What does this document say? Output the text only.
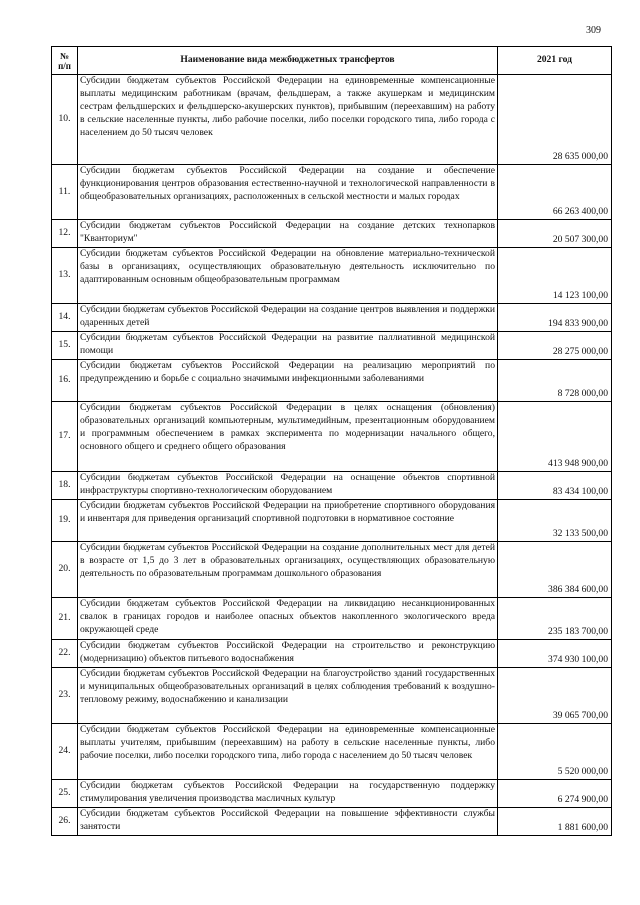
309
№
п/п	Наименование вида межбюджетных трансфертов	2021 год
10.	Субсидии бюджетам субъектов Российской Федерации на единовременные компенсационные выплаты медицинским работникам (врачам, фельдшерам, а также акушеркам и медицинским сестрам фельдшерских и фельдшерско-акушерских пунктов), прибывшим (переехавшим) на работу в сельские населенные пункты, либо рабочие поселки, либо поселки городского типа, либо города с населением до 50 тысяч человек	28 635 000,00
11.	Субсидии бюджетам субъектов Российской Федерации на создание и обеспечение функционирования центров образования естественно-научной и технологической направленности в общеобразовательных организациях, расположенных в сельской местности и малых городах	66 263 400,00
12.	Субсидии бюджетам субъектов Российской Федерации на создание детских технопарков "Кванториум"	20 507 300,00
13.	Субсидии бюджетам субъектов Российской Федерации на обновление материально-технической базы в организациях, осуществляющих образовательную деятельность исключительно по адаптированным основным общеобразовательным программам	14 123 100,00
14.	Субсидии бюджетам субъектов Российской Федерации на создание центров выявления и поддержки одаренных детей	194 833 900,00
15.	Субсидии бюджетам субъектов Российской Федерации на развитие паллиативной медицинской помощи	28 275 000,00
16.	Субсидии бюджетам субъектов Российской Федерации на реализацию мероприятий по предупреждению и борьбе с социально значимыми инфекционными заболеваниями	8 728 000,00
17.	Субсидии бюджетам субъектов Российской Федерации в целях оснащения (обновления) образовательных организаций компьютерным, мультимедийным, презентационным оборудованием и программным обеспечением в рамках эксперимента по модернизации начального общего, основного общего и среднего общего образования	413 948 900,00
18.	Субсидии бюджетам субъектов Российской Федерации на оснащение объектов спортивной инфраструктуры спортивно-технологическим оборудованием	83 434 100,00
19.	Субсидии бюджетам субъектов Российской Федерации на приобретение спортивного оборудования и инвентаря для приведения организаций спортивной подготовки в нормативное состояние	32 133 500,00
20.	Субсидии бюджетам субъектов Российской Федерации на создание дополнительных мест для детей в возрасте от 1,5 до 3 лет в образовательных организациях, осуществляющих образовательную деятельность по образовательным программам дошкольного образования	386 384 600,00
21.	Субсидии бюджетам субъектов Российской Федерации на ликвидацию несанкционированных свалок в границах городов и наиболее опасных объектов накопленного экологического вреда окружающей среде	235 183 700,00
22.	Субсидии бюджетам субъектов Российской Федерации на строительство и реконструкцию (модернизацию) объектов питьевого водоснабжения	374 930 100,00
23.	Субсидии бюджетам субъектов Российской Федерации на благоустройство зданий государственных и муниципальных общеобразовательных организаций в целях соблюдения требований к воздушно-тепловому режиму, водоснабжению и канализации	39 065 700,00
24.	Субсидии бюджетам субъектов Российской Федерации на единовременные компенсационные выплаты учителям, прибывшим (переехавшим) на работу в сельские населенные пункты, либо рабочие поселки, либо поселки городского типа, либо города с населением до 50 тысяч человек	5 520 000,00
25.	Субсидии бюджетам субъектов Российской Федерации на государственную поддержку стимулирования увеличения производства масличных культур	6 274 900,00
26.	Субсидии бюджетам субъектов Российской Федерации на повышение эффективности службы занятости	1 881 600,00
